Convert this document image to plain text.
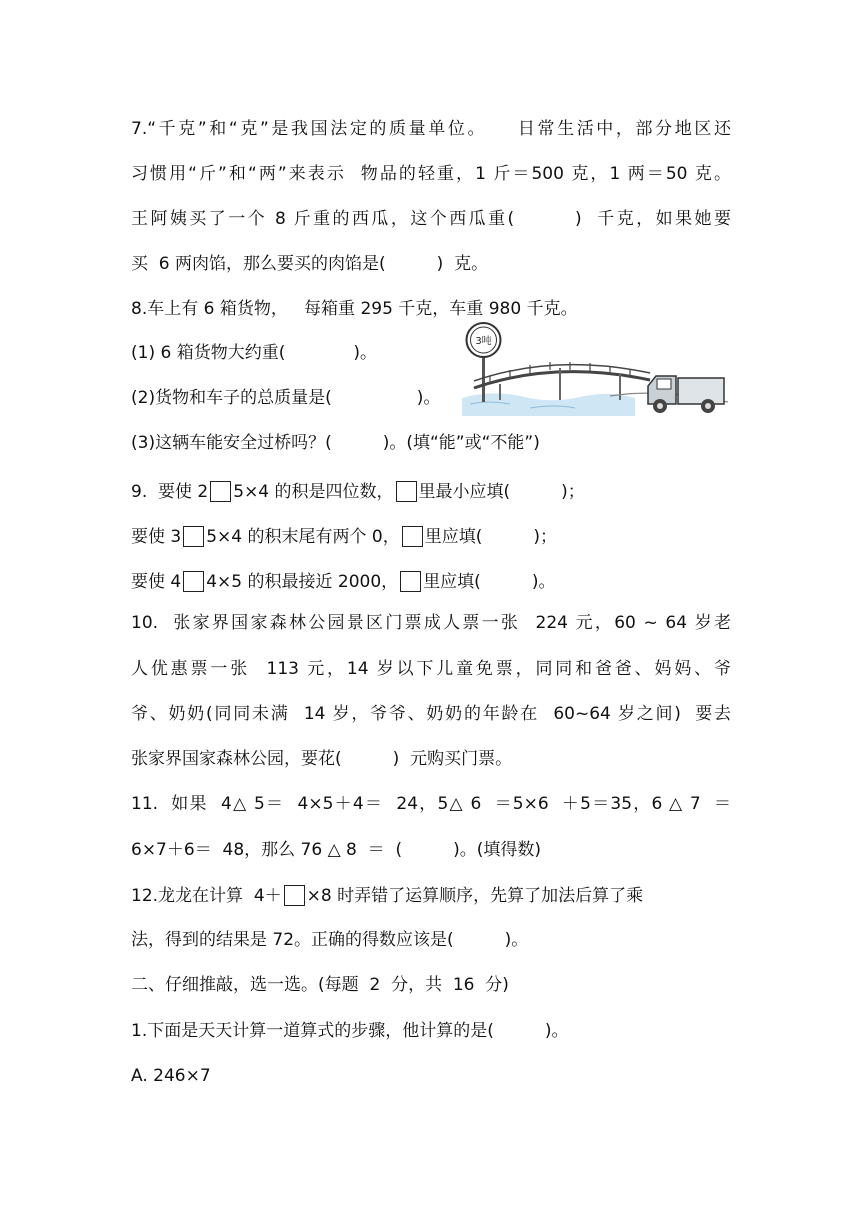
7.“千克”和“克”是我国法定的质量单位。　　日常生活中，部分地区还
习惯用“斤”和“两”来表示  物品的轻重，1 斤＝500 克，1 两＝50 克。
王阿姨买了一个 8 斤重的西瓜，这个西瓜重(　　　)  千克，如果她要
买  6 两肉馅，那么要买的肉馅是(　　　)  克。
8.车上有 6 箱货物，   每箱重 295 千克，车重 980 千克。
(1) 6 箱货物大约重(　　　　)。
(2)货物和车子的总质量是(　　　　　)。
(3)这辆车能安全过桥吗？(　　　)。(填“能”或“不能”)
3吨
9.  要使 2 5×4 的积是四位数， 里最小应填(　　　)；
要使 3 5×4 的积末尾有两个 0， 里应填(　　　)；
要使 4 4×5 的积最接近 2000， 里应填(　　　)。
10.  张家界国家森林公园景区门票成人票一张  224 元，60 ~ 64 岁老
人优惠票一张  113 元，14 岁以下儿童免票，同同和爸爸、妈妈、爷
爷、奶奶(同同未满  14 岁，爷爷、奶奶的年龄在  60~64 岁之间)  要去
张家界国家森林公园，要花(　　　)  元购买门票。
11.  如果  4△ 5＝  4×5＋4＝  24，5△ 6  ＝5×6  ＋5＝35，6 △ 7  ＝
6×7＋6＝  48，那么 76 △ 8  ＝  (　　　)。(填得数)
12.龙龙在计算  4＋ ×8 时弄错了运算顺序，先算了加法后算了乘
法，得到的结果是 72。正确的得数应该是(　　　)。
二、仔细推敲，选一选。(每题  2  分，共  16  分)
1.下面是天天计算一道算式的步骤，他计算的是(　　　)。
A. 246×7
